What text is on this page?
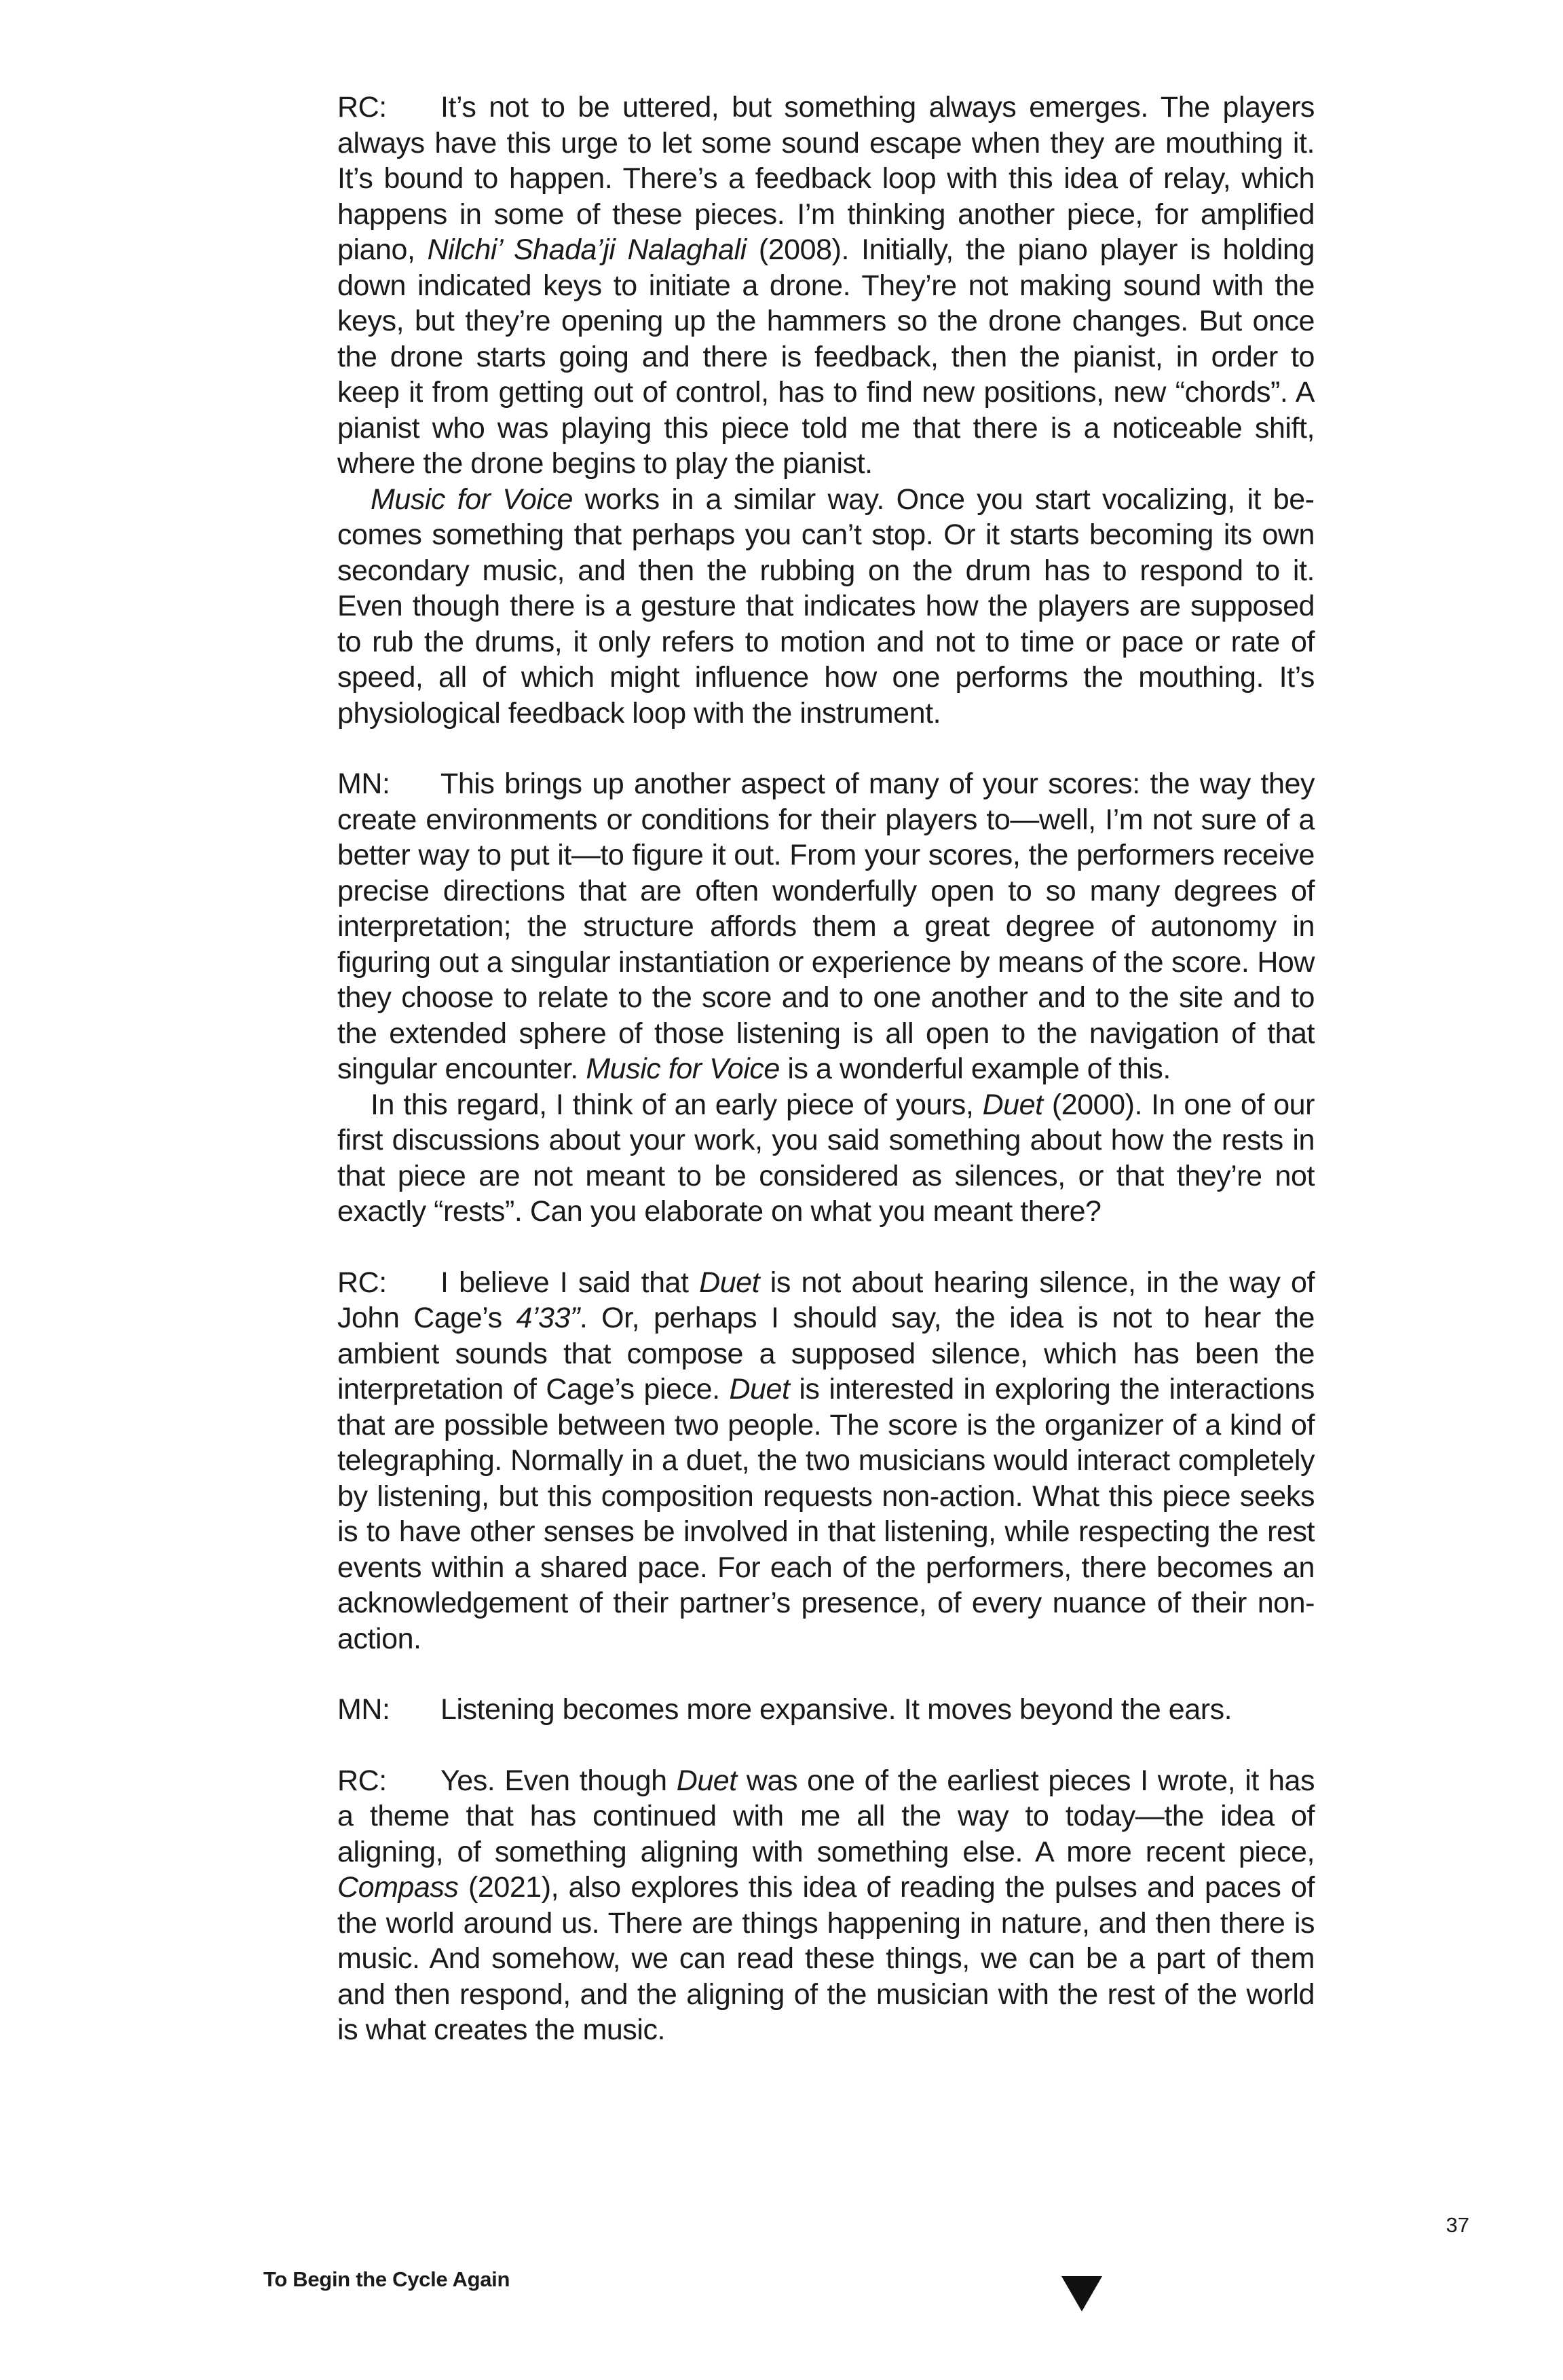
RC: It’s not to be uttered, but something always emerges. The players always have this urge to let some sound escape when they are mouthing it. It’s bound to happen. There’s a feedback loop with this idea of relay, which happens in some of these pieces. I’m thinking another piece, for amplified piano, Nilchi’ Shada’ji Nalaghali (2008). Initially, the piano player is holding down indicated keys to initiate a drone. They’re not making sound with the keys, but they’re opening up the hammers so the drone changes. But once the drone starts going and there is feedback, then the pianist, in order to keep it from getting out of control, has to find new positions, new “chords”. A pianist who was playing this piece told me that there is a noticeable shift, where the drone begins to play the pianist.

Music for Voice works in a similar way. Once you start vocalizing, it becomes something that perhaps you can’t stop. Or it starts becoming its own secondary music, and then the rubbing on the drum has to respond to it. Even though there is a gesture that indicates how the players are supposed to rub the drums, it only refers to motion and not to time or pace or rate of speed, all of which might influence how one performs the mouthing. It’s physiological feedback loop with the instrument.

MN: This brings up another aspect of many of your scores: the way they create environments or conditions for their players to—well, I’m not sure of a better way to put it—to figure it out. From your scores, the performers receive precise directions that are often wonderfully open to so many degrees of interpretation; the structure affords them a great degree of autonomy in figuring out a singular instantiation or experience by means of the score. How they choose to relate to the score and to one another and to the site and to the extended sphere of those listening is all open to the navigation of that singular encounter. Music for Voice is a wonderful example of this.

In this regard, I think of an early piece of yours, Duet (2000). In one of our first discussions about your work, you said something about how the rests in that piece are not meant to be considered as silences, or that they’re not exactly “rests”. Can you elaborate on what you meant there?

RC: I believe I said that Duet is not about hearing silence, in the way of John Cage’s 4’33”. Or, perhaps I should say, the idea is not to hear the ambient sounds that compose a supposed silence, which has been the interpretation of Cage’s piece. Duet is interested in exploring the interactions that are possible between two people. The score is the organizer of a kind of telegraphing. Normally in a duet, the two musicians would interact completely by listening, but this composition requests non-action. What this piece seeks is to have other senses be involved in that listening, while respecting the rest events within a shared pace. For each of the performers, there becomes an acknowledgement of their partner’s presence, of every nuance of their non-action.

MN: Listening becomes more expansive. It moves beyond the ears.

RC: Yes. Even though Duet was one of the earliest pieces I wrote, it has a theme that has continued with me all the way to today—the idea of aligning, of something aligning with something else. A more recent piece, Compass (2021), also explores this idea of reading the pulses and paces of the world around us. There are things happening in nature, and then there is music. And somehow, we can read these things, we can be a part of them and then respond, and the aligning of the musician with the rest of the world is what creates the music.

37
To Begin the Cycle Again
